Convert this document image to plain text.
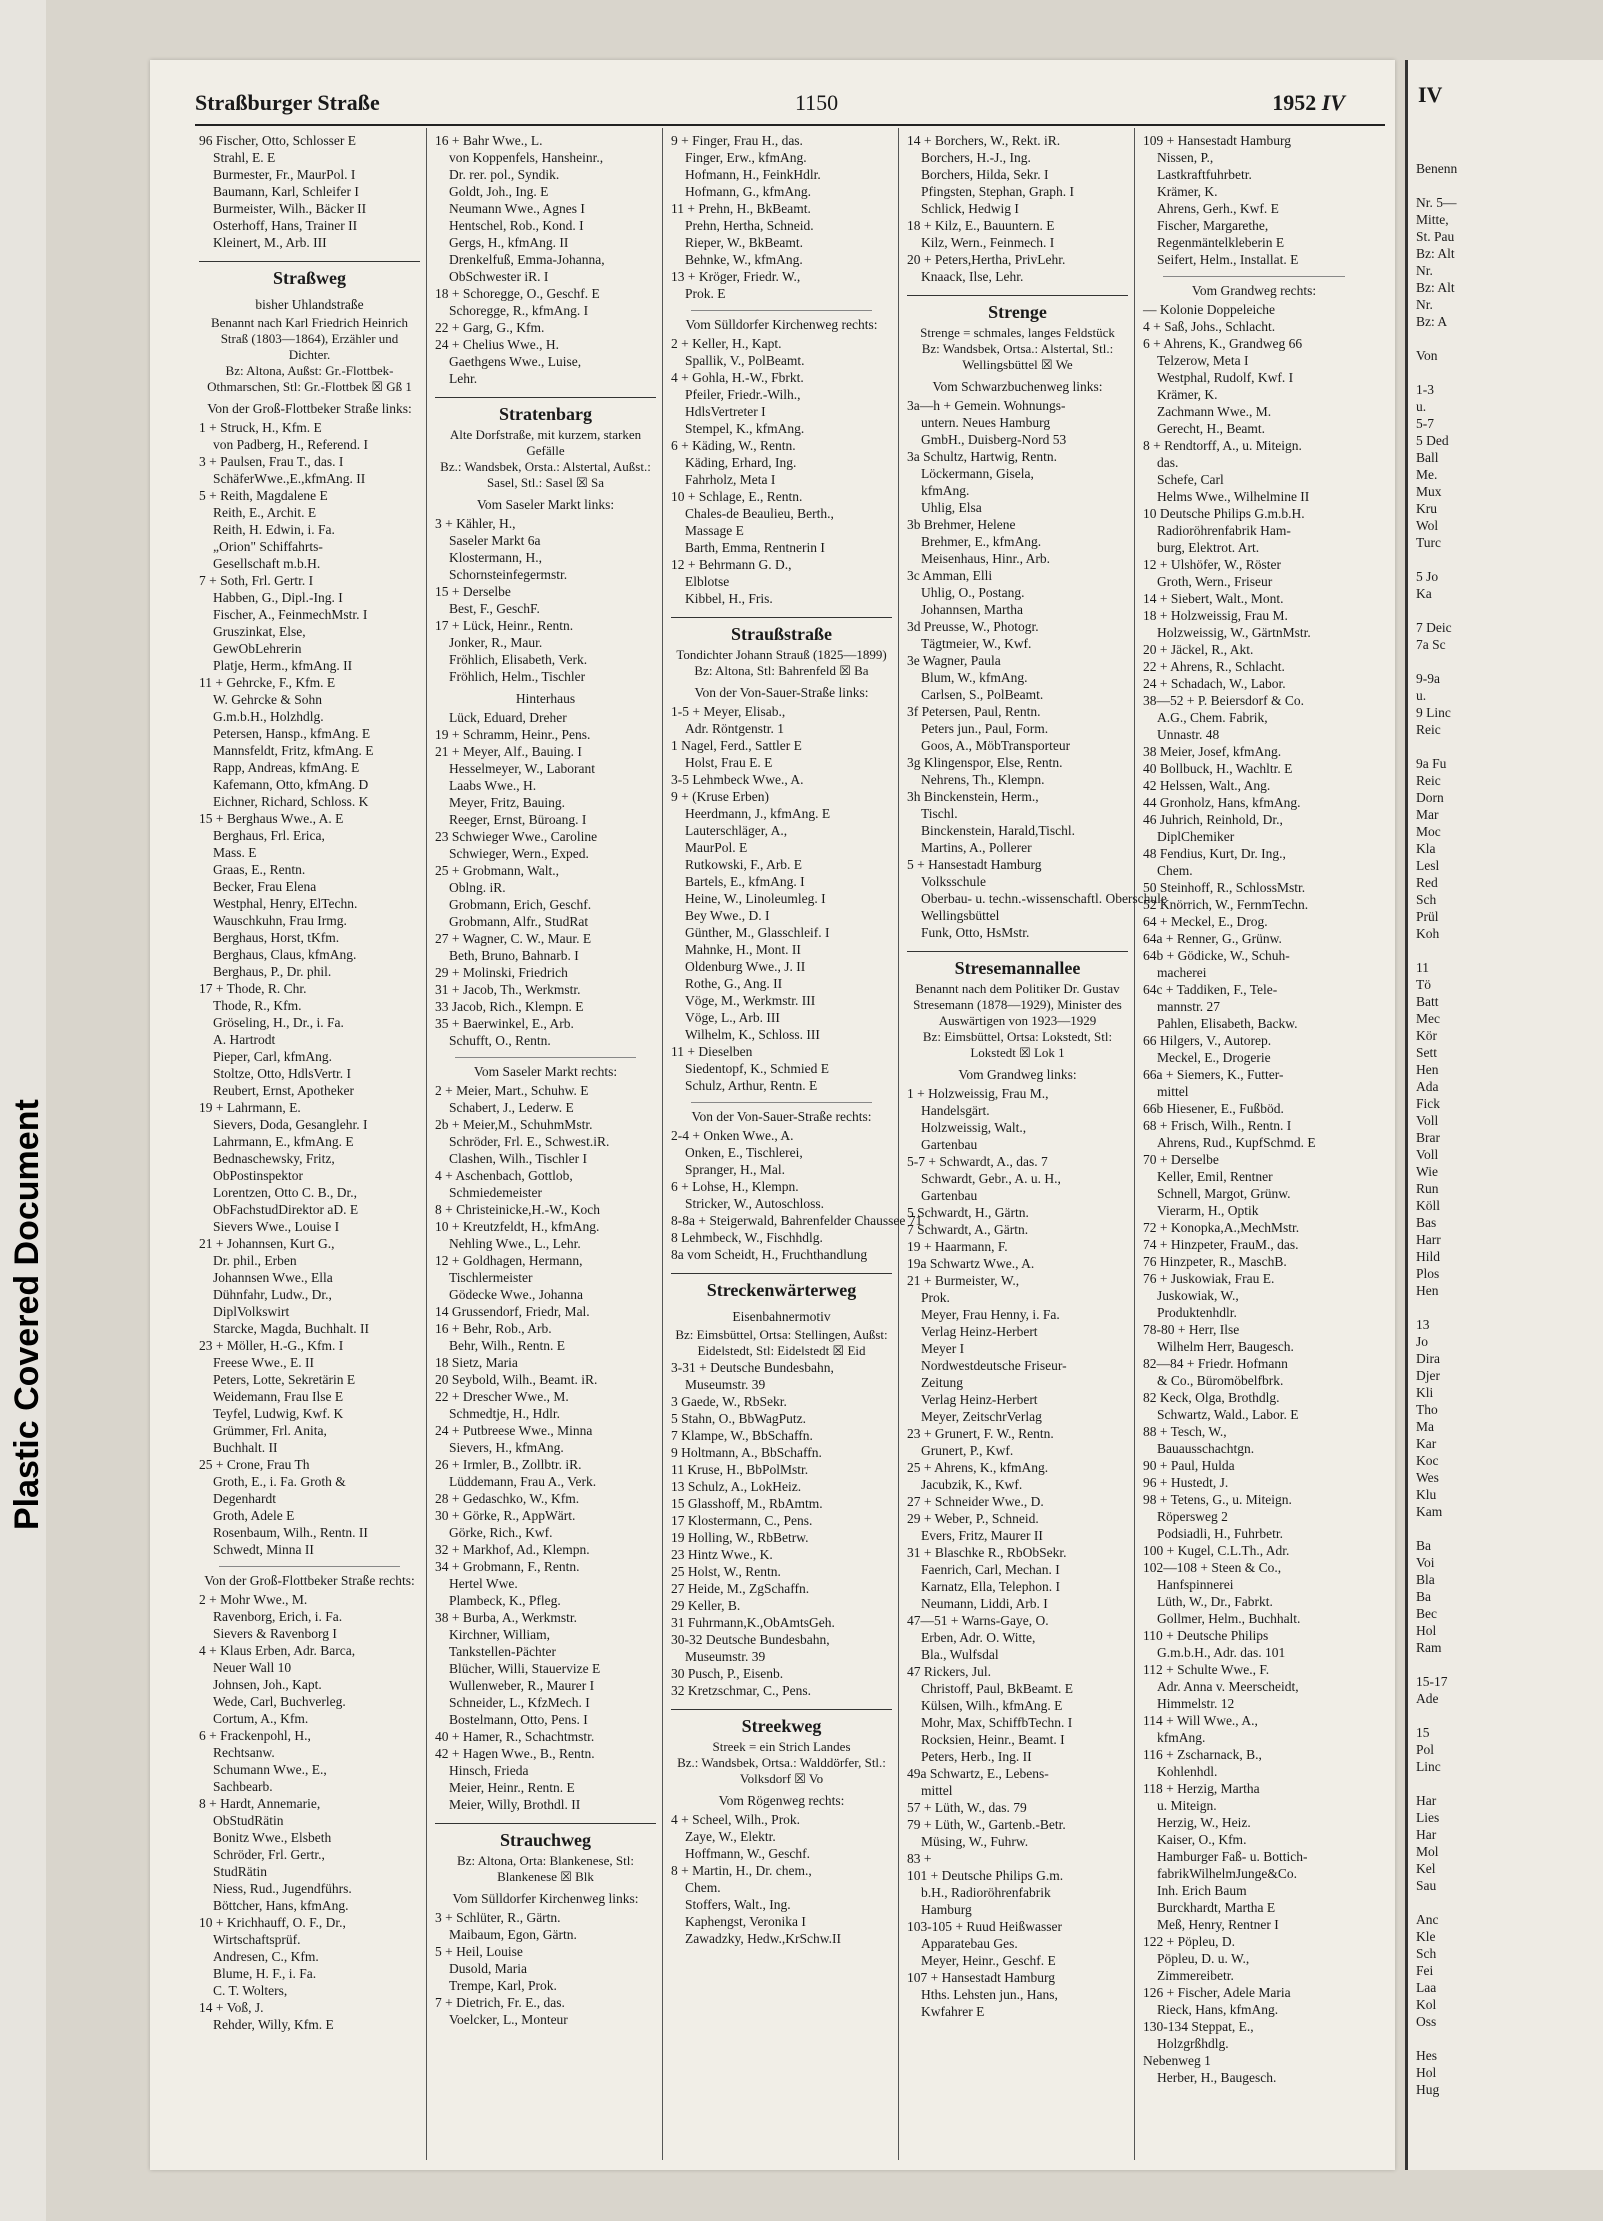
Plastic Covered Document
Straßburger Straße	1150	1952 IV
96 Fischer, Otto, Schlosser E
Strahl, E. E
Burmester, Fr., MaurPol. I
Baumann, Karl, Schleifer I
Burmeister, Wilh., Bäcker II
Osterhoff, Hans, Trainer II
Kleinert, M., Arb. III
Straßweg
bisher Uhlandstraße
Benannt nach Karl Friedrich Heinrich Straß (1803—1864), Erzähler und Dichter.
Bz: Altona, Außst: Gr.-Flottbek-Othmarschen, Stl: Gr.-Flottbek ☒ Gß 1
Von der Groß-Flottbeker Straße links:
1 + Struck, H., Kfm. E
von Padberg, H., Referend. I
3 + Paulsen, Frau T., das. I
SchäferWwe.,E.,kfmAng. II
5 + Reith, Magdalene E
Reith, E., Archit. E
Reith, H. Edwin, i. Fa.
„Orion" Schiffahrts-
Gesellschaft m.b.H.
7 + Soth, Frl. Gertr. I
Habben, G., Dipl.-Ing. I
Fischer, A., FeinmechMstr. I
Gruszinkat, Else,
GewObLehrerin
Platje, Herm., kfmAng. II
11 + Gehrcke, F., Kfm. E
W. Gehrcke & Sohn
G.m.b.H., Holzhdlg.
Petersen, Hansp., kfmAng. E
Mannsfeldt, Fritz, kfmAng. E
Rapp, Andreas, kfmAng. E
Kafemann, Otto, kfmAng. D
Eichner, Richard, Schloss. K
15 + Berghaus Wwe., A. E
Berghaus, Frl. Erica,
Mass. E
Graas, E., Rentn.
Becker, Frau Elena
Westphal, Henry, ElTechn.
Wauschkuhn, Frau Irmg.
Berghaus, Horst, tKfm.
Berghaus, Claus, kfmAng.
Berghaus, P., Dr. phil.
17 + Thode, R. Chr.
Thode, R., Kfm.
Gröseling, H., Dr., i. Fa.
A. Hartrodt
Pieper, Carl, kfmAng.
Stoltze, Otto, HdlsVertr. I
Reubert, Ernst, Apotheker
19 + Lahrmann, E.
Sievers, Doda, Gesanglehr. I
Lahrmann, E., kfmAng. E
Bednaschewsky, Fritz,
ObPostinspektor
Lorentzen, Otto C. B., Dr.,
ObFachstudDirektor aD. E
Sievers Wwe., Louise I
21 + Johannsen, Kurt G.,
Dr. phil., Erben
Johannsen Wwe., Ella
Dühnfahr, Ludw., Dr.,
DiplVolkswirt
Starcke, Magda, Buchhalt. II
23 + Möller, H.-G., Kfm. I
Freese Wwe., E. II
Peters, Lotte, Sekretärin E
Weidemann, Frau Ilse E
Teyfel, Ludwig, Kwf. K
Grümmer, Frl. Anita,
Buchhalt. II
25 + Crone, Frau Th
Groth, E., i. Fa. Groth &
Degenhardt
Groth, Adele E
Rosenbaum, Wilh., Rentn. II
Schwedt, Minna II
Von der Groß-Flottbeker Straße rechts:
2 + Mohr Wwe., M.
Ravenborg, Erich, i. Fa.
Sievers & Ravenborg I
4 + Klaus Erben, Adr. Barca,
Neuer Wall 10
Johnsen, Joh., Kapt.
Wede, Carl, Buchverleg.
Cortum, A., Kfm.
6 + Frackenpohl, H.,
Rechtsanw.
Schumann Wwe., E.,
Sachbearb.
8 + Hardt, Annemarie,
ObStudRätin
Bonitz Wwe., Elsbeth
Schröder, Frl. Gertr.,
StudRätin
Niess, Rud., Jugendführs.
Böttcher, Hans, kfmAng.
10 + Krichhauff, O. F., Dr.,
Wirtschaftsprüf.
Andresen, C., Kfm.
Blume, H. F., i. Fa.
C. T. Wolters,
14 + Voß, J.
Rehder, Willy, Kfm. E
16 + Bahr Wwe., L.
von Koppenfels, Hansheinr.,
Dr. rer. pol., Syndik.
Goldt, Joh., Ing. E
Neumann Wwe., Agnes I
Hentschel, Rob., Kond. I
Gergs, H., kfmAng. II
Drenkelfuß, Emma-Johanna,
ObSchwester iR. I
18 + Schoregge, O., Geschf. E
Schoregge, R., kfmAng. I
22 + Garg, G., Kfm.
24 + Chelius Wwe., H.
Gaethgens Wwe., Luise,
Lehr.
Stratenbarg
Alte Dorfstraße, mit kurzem, starken Gefälle
Bz.: Wandsbek, Orsta.: Alstertal, Außst.: Sasel, Stl.: Sasel ☒ Sa
Vom Saseler Markt links:
3 + Kähler, H.,
Saseler Markt 6a
Klostermann, H.,
Schornsteinfegermstr.
15 + Derselbe
Best, F., GeschF.
17 + Lück, Heinr., Rentn.
Jonker, R., Maur.
Fröhlich, Elisabeth, Verk.
Fröhlich, Helm., Tischler
Hinterhaus
Lück, Eduard, Dreher
19 + Schramm, Heinr., Pens.
21 + Meyer, Alf., Bauing. I
Hesselmeyer, W., Laborant
Laabs Wwe., H.
Meyer, Fritz, Bauing.
Reeger, Ernst, Büroang. I
23 Schwieger Wwe., Caroline
Schwieger, Wern., Exped.
25 + Grobmann, Walt.,
Oblng. iR.
Grobmann, Erich, Geschf.
Grobmann, Alfr., StudRat
27 + Wagner, C. W., Maur. E
Beth, Bruno, Bahnarb. I
29 + Molinski, Friedrich
31 + Jacob, Th., Werkmstr.
33 Jacob, Rich., Klempn. E
35 + Baerwinkel, E., Arb.
Schufft, O., Rentn.
Vom Saseler Markt rechts:
2 + Meier, Mart., Schuhw. E
Schabert, J., Lederw. E
2b + Meier,M., SchuhmMstr.
Schröder, Frl. E., Schwest.iR.
Clashen, Wilh., Tischler I
4 + Aschenbach, Gottlob,
Schmiedemeister
8 + Christeinicke,H.-W., Koch
10 + Kreutzfeldt, H., kfmAng.
Nehling Wwe., L., Lehr.
12 + Goldhagen, Hermann,
Tischlermeister
Gödecke Wwe., Johanna
14 Grussendorf, Friedr, Mal.
16 + Behr, Rob., Arb.
Behr, Wilh., Rentn. E
18 Sietz, Maria
20 Seybold, Wilh., Beamt. iR.
22 + Drescher Wwe., M.
Schmedtje, H., Hdlr.
24 + Putbreese Wwe., Minna
Sievers, H., kfmAng.
26 + Irmler, B., Zollbtr. iR.
Lüddemann, Frau A., Verk.
28 + Gedaschko, W., Kfm.
30 + Görke, R., AppWärt.
Görke, Rich., Kwf.
32 + Markhof, Ad., Klempn.
34 + Grobmann, F., Rentn.
Hertel Wwe.
Plambeck, K., Pfleg.
38 + Burba, A., Werkmstr.
Kirchner, William,
Tankstellen-Pächter
Blücher, Willi, Stauervize E
Wullenweber, R., Maurer I
Schneider, L., KfzMech. I
Bostelmann, Otto, Pens. I
40 + Hamer, R., Schachtmstr.
42 + Hagen Wwe., B., Rentn.
Hinsch, Frieda
Meier, Heinr., Rentn. E
Meier, Willy, Brothdl. II
Strauchweg
Bz: Altona, Orta: Blankenese, Stl: Blankenese ☒ Blk
Vom Sülldorfer Kirchenweg links:
3 + Schlüter, R., Gärtn.
Maibaum, Egon, Gärtn.
5 + Heil, Louise
Dusold, Maria
Trempe, Karl, Prok.
7 + Dietrich, Fr. E., das.
Voelcker, L., Monteur
9 + Finger, Frau H., das.
Finger, Erw., kfmAng.
Hofmann, H., FeinkHdlr.
Hofmann, G., kfmAng.
11 + Prehn, H., BkBeamt.
Prehn, Hertha, Schneid.
Rieper, W., BkBeamt.
Behnke, W., kfmAng.
13 + Kröger, Friedr. W.,
Prok. E
Vom Sülldorfer Kirchenweg rechts:
2 + Keller, H., Kapt.
Spallik, V., PolBeamt.
4 + Gohla, H.-W., Fbrkt.
Pfeiler, Friedr.-Wilh.,
HdlsVertreter I
Stempel, K., kfmAng.
6 + Käding, W., Rentn.
Käding, Erhard, Ing.
Fahrholz, Meta I
10 + Schlage, E., Rentn.
Chales-de Beaulieu, Berth.,
Massage E
Barth, Emma, Rentnerin I
12 + Behrmann G. D.,
Elblotse
Kibbel, H., Fris.
Straußstraße
Tondichter Johann Strauß (1825—1899)
Bz: Altona, Stl: Bahrenfeld ☒ Ba
Von der Von-Sauer-Straße links:
1-5 + Meyer, Elisab.,
Adr. Röntgenstr. 1
1 Nagel, Ferd., Sattler E
Holst, Frau E. E
3-5 Lehmbeck Wwe., A.
9 + (Kruse Erben)
Heerdmann, J., kfmAng. E
Lauterschläger, A.,
MaurPol. E
Rutkowski, F., Arb. E
Bartels, E., kfmAng. I
Heine, W., Linoleumleg. I
Bey Wwe., D. I
Günther, M., Glasschleif. I
Mahnke, H., Mont. II
Oldenburg Wwe., J. II
Rothe, G., Ang. II
Vöge, M., Werkmstr. III
Vöge, L., Arb. III
Wilhelm, K., Schloss. III
11 + Dieselben
Siedentopf, K., Schmied E
Schulz, Arthur, Rentn. E
Von der Von-Sauer-Straße rechts:
2-4 + Onken Wwe., A.
Onken, E., Tischlerei,
Spranger, H., Mal.
6 + Lohse, H., Klempn.
Stricker, W., Autoschloss.
8-8a + Steigerwald, Bahrenfelder Chaussee 71
8 Lehmbeck, W., Fischhdlg.
8a vom Scheidt, H., Fruchthandlung
Streckenwärterweg
Eisenbahnermotiv
Bz: Eimsbüttel, Ortsa: Stellingen, Außst: Eidelstedt, Stl: Eidelstedt ☒ Eid
3-31 + Deutsche Bundesbahn,
Museumstr. 39
3 Gaede, W., RbSekr.
5 Stahn, O., BbWagPutz.
7 Klampe, W., BbSchaffn.
9 Holtmann, A., BbSchaffn.
11 Kruse, H., BbPolMstr.
13 Schulz, A., LokHeiz.
15 Glasshoff, M., RbAmtm.
17 Klostermann, C., Pens.
19 Holling, W., RbBetrw.
23 Hintz Wwe., K.
25 Holst, W., Rentn.
27 Heide, M., ZgSchaffn.
29 Keller, B.
31 Fuhrmann,K.,ObAmtsGeh.
30-32 Deutsche Bundesbahn,
Museumstr. 39
30 Pusch, P., Eisenb.
32 Kretzschmar, C., Pens.
Streekweg
Streek = ein Strich Landes
Bz.: Wandsbek, Ortsa.: Walddörfer, Stl.: Volksdorf ☒ Vo
Vom Rögenweg rechts:
4 + Scheel, Wilh., Prok.
Zaye, W., Elektr.
Hoffmann, W., Geschf.
8 + Martin, H., Dr. chem.,
Chem.
Stoffers, Walt., Ing.
Kaphengst, Veronika I
Zawadzky, Hedw.,KrSchw.II
14 + Borchers, W., Rekt. iR.
Borchers, H.-J., Ing.
Borchers, Hilda, Sekr. I
Pfingsten, Stephan, Graph. I
Schlick, Hedwig I
18 + Kilz, E., Bauuntern. E
Kilz, Wern., Feinmech. I
20 + Peters,Hertha, PrivLehr.
Knaack, Ilse, Lehr.
Strenge
Strenge = schmales, langes Feldstück
Bz: Wandsbek, Ortsa.: Alstertal, Stl.: Wellingsbüttel ☒ We
Vom Schwarzbuchenweg links:
3a—h + Gemein. Wohnungs-
untern. Neues Hamburg
GmbH., Duisberg-Nord 53
3a Schultz, Hartwig, Rentn.
Löckermann, Gisela,
kfmAng.
Uhlig, Elsa
3b Brehmer, Helene
Brehmer, E., kfmAng.
Meisenhaus, Hinr., Arb.
3c Amman, Elli
Uhlig, O., Postang.
Johannsen, Martha
3d Preusse, W., Photogr.
Tägtmeier, W., Kwf.
3e Wagner, Paula
Blum, W., kfmAng.
Carlsen, S., PolBeamt.
3f Petersen, Paul, Rentn.
Peters jun., Paul, Form.
Goos, A., MöbTransporteur
3g Klingenspor, Else, Rentn.
Nehrens, Th., Klempn.
3h Binckenstein, Herm.,
Tischl.
Binckenstein, Harald,Tischl.
Martins, A., Pollerer
5 + Hansestadt Hamburg
Volksschule
Oberbau- u. techn.-wissenschaftl. Oberschule
Wellingsbüttel
Funk, Otto, HsMstr.
Stresemannallee
Benannt nach dem Politiker Dr. Gustav Stresemann (1878—1929), Minister des Auswärtigen von 1923—1929
Bz: Eimsbüttel, Ortsa: Lokstedt, Stl: Lokstedt ☒ Lok 1
Vom Grandweg links:
1 + Holzweissig, Frau M.,
Handelsgärt.
Holzweissig, Walt.,
Gartenbau
5-7 + Schwardt, A., das. 7
Schwardt, Gebr., A. u. H.,
Gartenbau
5 Schwardt, H., Gärtn.
7 Schwardt, A., Gärtn.
19 + Haarmann, F.
19a Schwartz Wwe., A.
21 + Burmeister, W.,
Prok.
Meyer, Frau Henny, i. Fa.
Verlag Heinz-Herbert
Meyer I
Nordwestdeutsche Friseur-
Zeitung
Verlag Heinz-Herbert
Meyer, ZeitschrVerlag
23 + Grunert, F. W., Rentn.
Grunert, P., Kwf.
25 + Ahrens, K., kfmAng.
Jacubzik, K., Kwf.
27 + Schneider Wwe., D.
29 + Weber, P., Schneid.
Evers, Fritz, Maurer II
31 + Blaschke R., RbObSekr.
Faenrich, Carl, Mechan. I
Karnatz, Ella, Telephon. I
Neumann, Liddi, Arb. I
47—51 + Warns-Gaye, O.
Erben, Adr. O. Witte,
Bla., Wulfsdal
47 Rickers, Jul.
Christoff, Paul, BkBeamt. E
Külsen, Wilh., kfmAng. E
Mohr, Max, SchiffbTechn. I
Rocksien, Heinr., Beamt. I
Peters, Herb., Ing. II
49a Schwartz, E., Lebens-
mittel
57 + Lüth, W., das. 79
79 + Lüth, W., Gartenb.-Betr.
Müsing, W., Fuhrw.
83 +
101 + Deutsche Philips G.m.
b.H., Radioröhrenfabrik
Hamburg
103-105 + Ruud Heißwasser
Apparatebau Ges.
Meyer, Heinr., Geschf. E
107 + Hansestadt Hamburg
Hths. Lehsten jun., Hans,
Kwfahrer E
109 + Hansestadt Hamburg
Nissen, P.,
Lastkraftfuhrbetr.
Krämer, K.
Ahrens, Gerh., Kwf. E
Fischer, Margarethe,
Regenmäntelkleberin E
Seifert, Helm., Installat. E
Vom Grandweg rechts:
— Kolonie Doppeleiche
4 + Saß, Johs., Schlacht.
6 + Ahrens, K., Grandweg 66
Telzerow, Meta I
Westphal, Rudolf, Kwf. I
Krämer, K.
Zachmann Wwe., M.
Gerecht, H., Beamt.
8 + Rendtorff, A., u. Miteign.
das.
Schefe, Carl
Helms Wwe., Wilhelmine II
10 Deutsche Philips G.m.b.H.
Radioröhrenfabrik Ham-
burg, Elektrot. Art.
12 + Ulshöfer, W., Röster
Groth, Wern., Friseur
14 + Siebert, Walt., Mont.
18 + Holzweissig, Frau M.
Holzweissig, W., GärtnMstr.
20 + Jäckel, R., Akt.
22 + Ahrens, R., Schlacht.
24 + Schadach, W., Labor.
38—52 + P. Beiersdorf & Co.
A.G., Chem. Fabrik,
Unnastr. 48
38 Meier, Josef, kfmAng.
40 Bollbuck, H., Wachltr. E
42 Helssen, Walt., Ang.
44 Gronholz, Hans, kfmAng.
46 Juhrich, Reinhold, Dr.,
DiplChemiker
48 Fendius, Kurt, Dr. Ing.,
Chem.
50 Steinhoff, R., SchlossMstr.
52 Knörrich, W., FernmTechn.
64 + Meckel, E., Drog.
64a + Renner, G., Grünw.
64b + Gödicke, W., Schuh-
macherei
64c + Taddiken, F., Tele-
mannstr. 27
Pahlen, Elisabeth, Backw.
66 Hilgers, V., Autorep.
Meckel, E., Drogerie
66a + Siemers, K., Futter-
mittel
66b Hiesener, E., Fußböd.
68 + Frisch, Wilh., Rentn. I
Ahrens, Rud., KupfSchmd. E
70 + Derselbe
Keller, Emil, Rentner
Schnell, Margot, Grünw.
Vierarm, H., Optik
72 + Konopka,A.,MechMstr.
74 + Hinzpeter, FrauM., das.
76 Hinzpeter, R., MaschB.
76 + Juskowiak, Frau E.
Juskowiak, W.,
Produktenhdlr.
78-80 + Herr, Ilse
Wilhelm Herr, Baugesch.
82—84 + Friedr. Hofmann
& Co., Büromöbelfbrk.
82 Keck, Olga, Brothdlg.
Schwartz, Wald., Labor. E
88 + Tesch, W.,
Bauausschachtgn.
90 + Paul, Hulda
96 + Hustedt, J.
98 + Tetens, G., u. Miteign.
Röpersweg 2
Podsiadli, H., Fuhrbetr.
100 + Kugel, C.L.Th., Adr.
102—108 + Steen & Co.,
Hanfspinnerei
Lüth, W., Dr., Fabrkt.
Gollmer, Helm., Buchhalt.
110 + Deutsche Philips
G.m.b.H., Adr. das. 101
112 + Schulte Wwe., F.
Adr. Anna v. Meerscheidt,
Himmelstr. 12
114 + Will Wwe., A.,
kfmAng.
116 + Zscharnack, B.,
Kohlenhdl.
118 + Herzig, Martha
u. Miteign.
Herzig, W., Heiz.
Kaiser, O., Kfm.
Hamburger Faß- u. Bottich-
fabrikWilhelmJunge&Co.
Inh. Erich Baum
Burckhardt, Martha E
Meß, Henry, Rentner I
122 + Pöpleu, D.
Pöpleu, D. u. W.,
Zimmereibetr.
126 + Fischer, Adele Maria
Rieck, Hans, kfmAng.
130-134 Steppat, E.,
Holzgrßhdlg.
Nebenweg 1
Herber, H., Baugesch.
IV
Benenn

Nr. 5—
Mitte,
St. Pau
Bz: Alt
Nr.
Bz: Alt
Nr.
Bz: A

Von

1-3
u.
5-7
5 Ded
Ball
Me.
Mux
Kru
Wol
Turc

5 Jo
Ka

7 Deic
7a Sc

9-9a
u.
9 Linc
Reic

9a Fu
Reic
Dorn
Mar
Moc
Kla
Lesl
Red
Sch
Prül
Koh

11
Tö
Batt
Mec
Kör
Sett
Hen
Ada
Fick
Voll
Brar
Voll
Wie
Run
Köll
Bas
Harr
Hild
Plos
Hen

13
Jo
Dira
Djer
Kli
Tho
Ma
Kar
Koc
Wes
Klu
Kam

Ba
Voi
Bla
Ba
Bec
Hol
Ram

15-17
Ade

15
Pol
Linc

Har
Lies
Har
Mol
Kel
Sau

Anc
Kle
Sch
Fei
Laa
Kol
Oss

Hes
Hol
Hug
